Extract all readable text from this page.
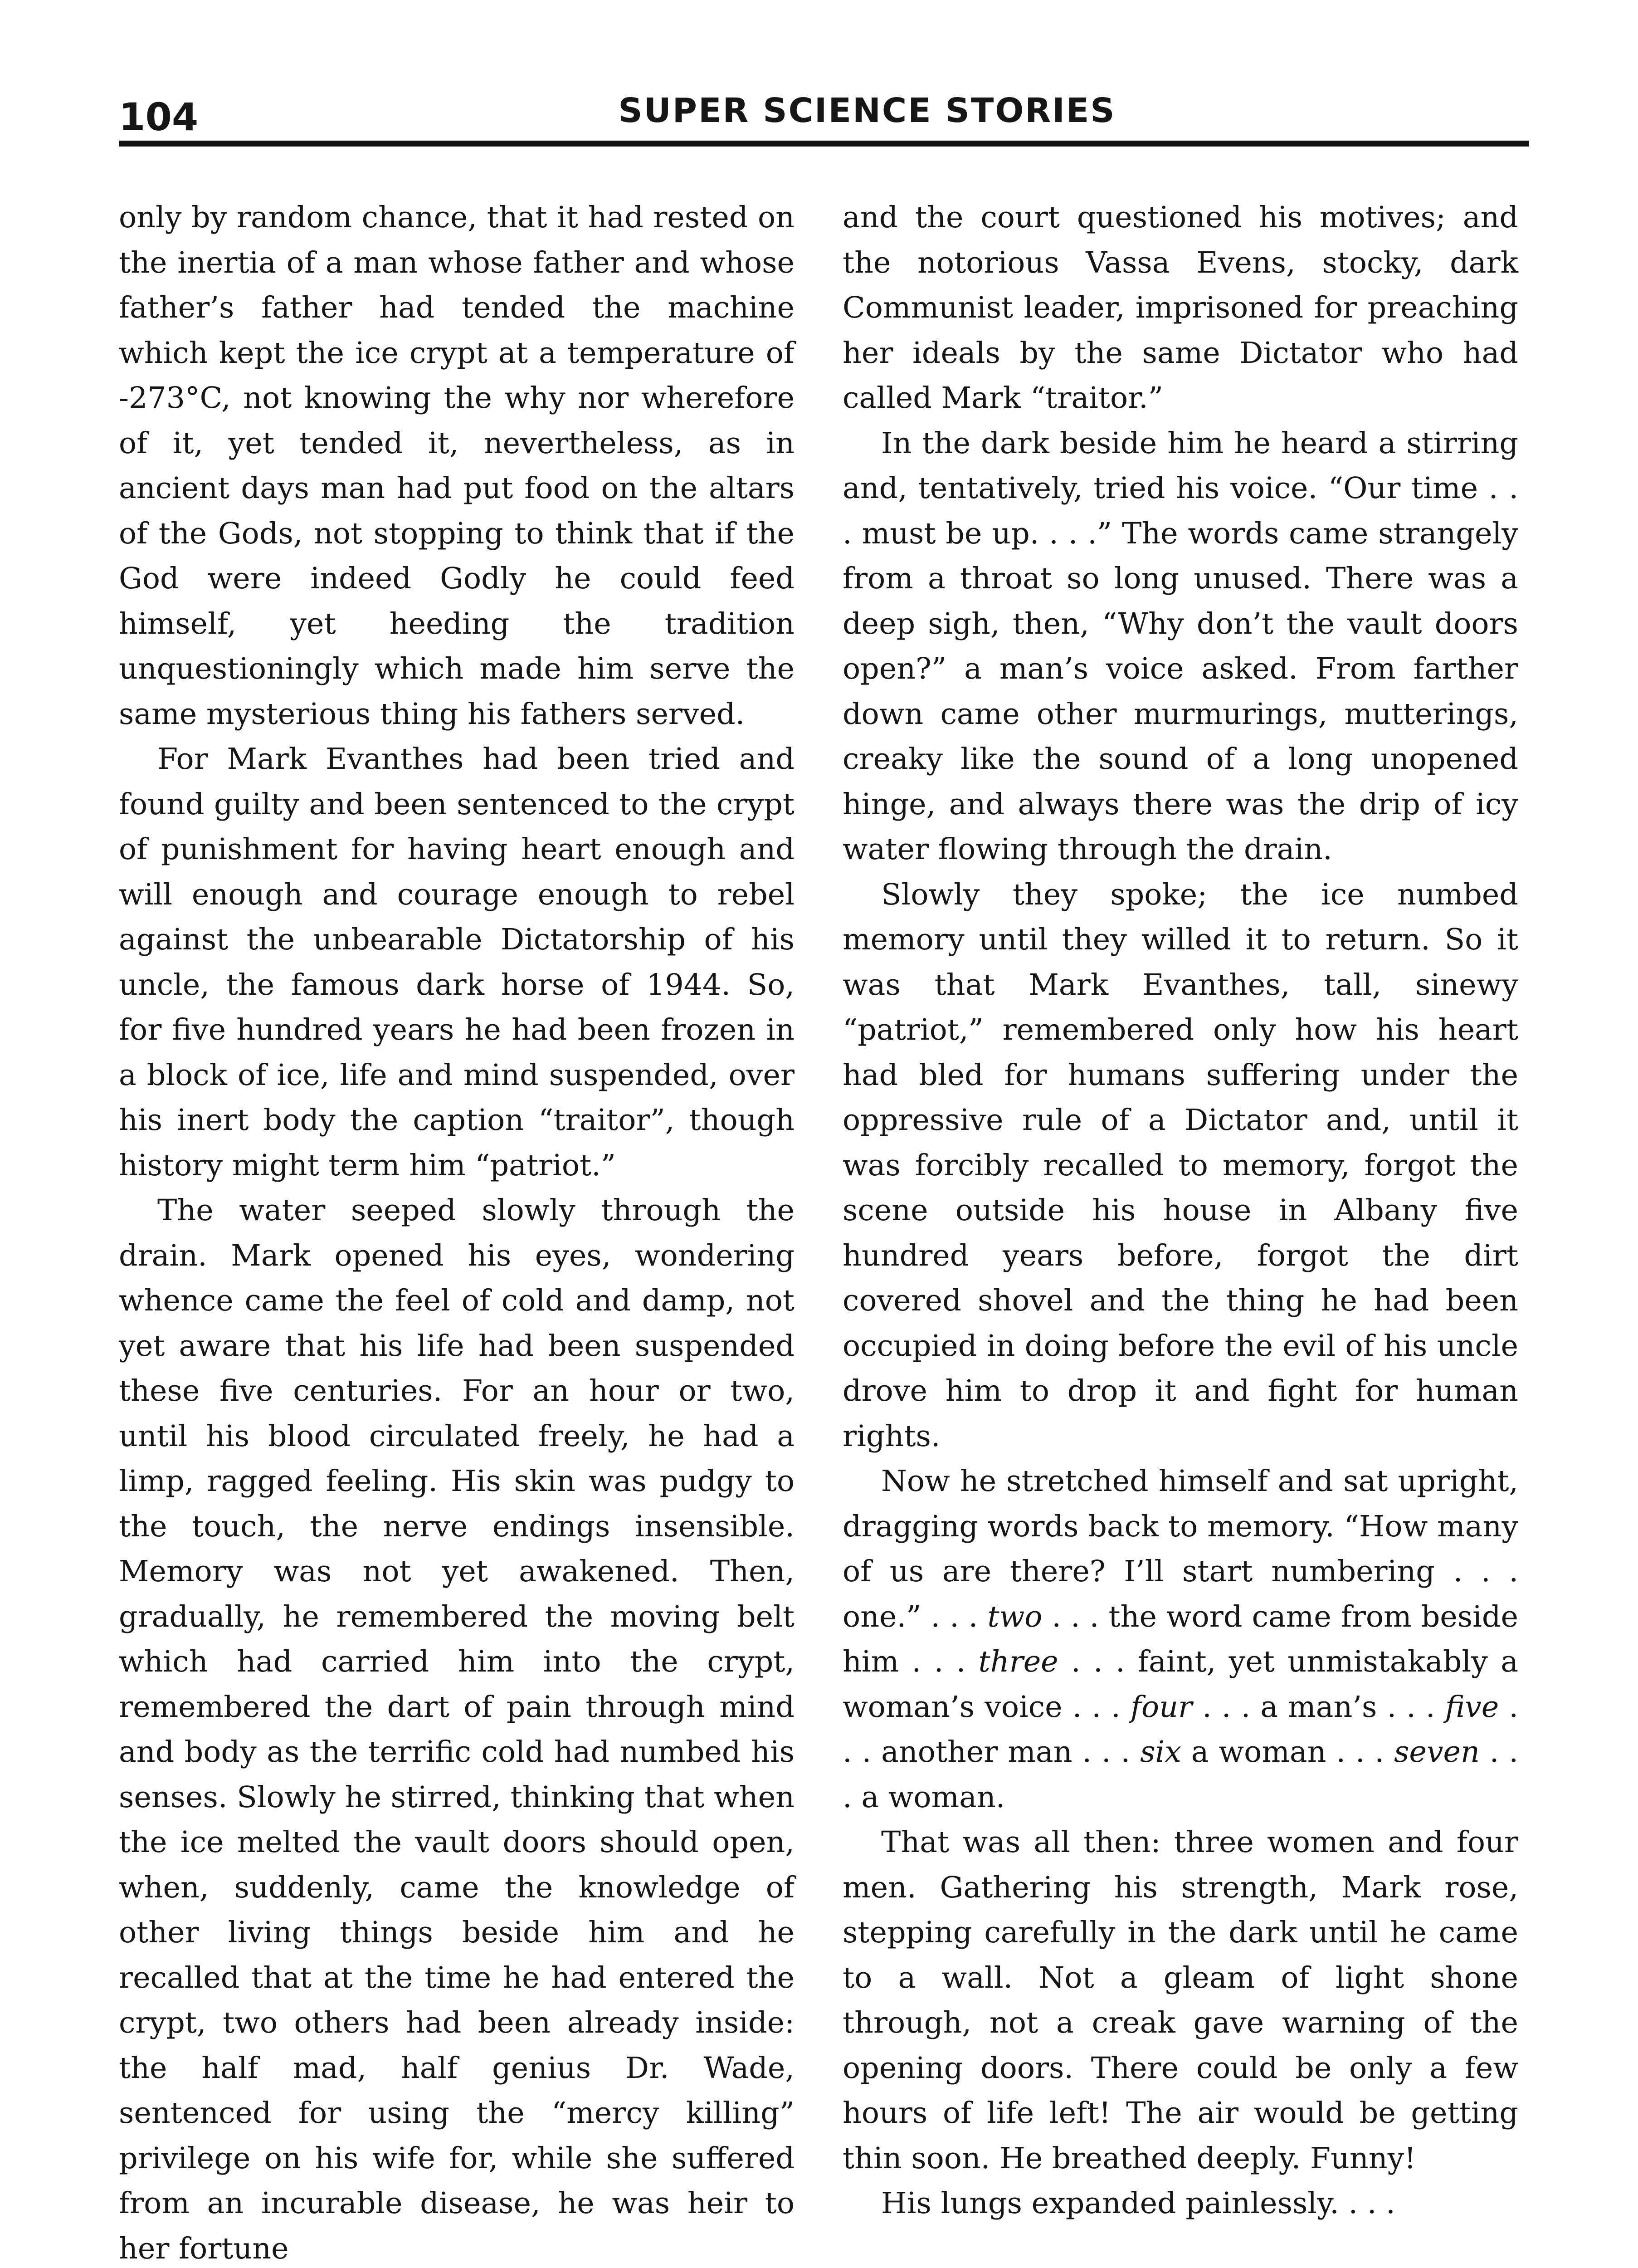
104	SUPER SCIENCE STORIES

only by random chance, that it had rested on the inertia of a man whose father and whose father’s father had tended the machine which kept the ice crypt at a temperature of -273°C, not knowing the why nor wherefore of it, yet tended it, nevertheless, as in ancient days man had put food on the altars of the Gods, not stopping to think that if the God were indeed Godly he could feed himself, yet heeding the tradition unquestioningly which made him serve the same mysterious thing his fathers served.

For Mark Evanthes had been tried and found guilty and been sentenced to the crypt of punishment for having heart enough and will enough and courage enough to rebel against the unbearable Dictatorship of his uncle, the famous dark horse of 1944. So, for five hundred years he had been frozen in a block of ice, life and mind suspended, over his inert body the caption “traitor”, though history might term him “patriot.”

The water seeped slowly through the drain. Mark opened his eyes, wondering whence came the feel of cold and damp, not yet aware that his life had been suspended these five centuries. For an hour or two, until his blood circulated freely, he had a limp, ragged feeling. His skin was pudgy to the touch, the nerve endings insensible. Memory was not yet awakened. Then, gradually, he remembered the moving belt which had carried him into the crypt, remembered the dart of pain through mind and body as the terrific cold had numbed his senses. Slowly he stirred, thinking that when the ice melted the vault doors should open, when, suddenly, came the knowledge of other living things beside him and he recalled that at the time he had entered the crypt, two others had been already inside: the half mad, half genius Dr. Wade, sentenced for using the “mercy killing” privilege on his wife for, while she suffered from an incurable disease, he was heir to her fortune

and the court questioned his motives; and the notorious Vassa Evens, stocky, dark Communist leader, imprisoned for preaching her ideals by the same Dictator who had called Mark “traitor.”

In the dark beside him he heard a stirring and, tentatively, tried his voice. “Our time . . . must be up. . . .” The words came strangely from a throat so long unused. There was a deep sigh, then, “Why don’t the vault doors open?” a man’s voice asked. From farther down came other murmurings, mutterings, creaky like the sound of a long unopened hinge, and always there was the drip of icy water flowing through the drain.

Slowly they spoke; the ice numbed memory until they willed it to return. So it was that Mark Evanthes, tall, sinewy “patriot,” remembered only how his heart had bled for humans suffering under the oppressive rule of a Dictator and, until it was forcibly recalled to memory, forgot the scene outside his house in Albany five hundred years before, forgot the dirt covered shovel and the thing he had been occupied in doing before the evil of his uncle drove him to drop it and fight for human rights.

Now he stretched himself and sat upright, dragging words back to memory. “How many of us are there? I’ll start numbering . . . one.” . . . two . . . the word came from beside him . . . three . . . faint, yet unmistakably a woman’s voice . . . four . . . a man’s . . . five . . . another man . . . six a woman . . . seven . . . a woman.

That was all then: three women and four men. Gathering his strength, Mark rose, stepping carefully in the dark until he came to a wall. Not a gleam of light shone through, not a creak gave warning of the opening doors. There could be only a few hours of life left! The air would be getting thin soon. He breathed deeply. Funny!

His lungs expanded painlessly. . . .
